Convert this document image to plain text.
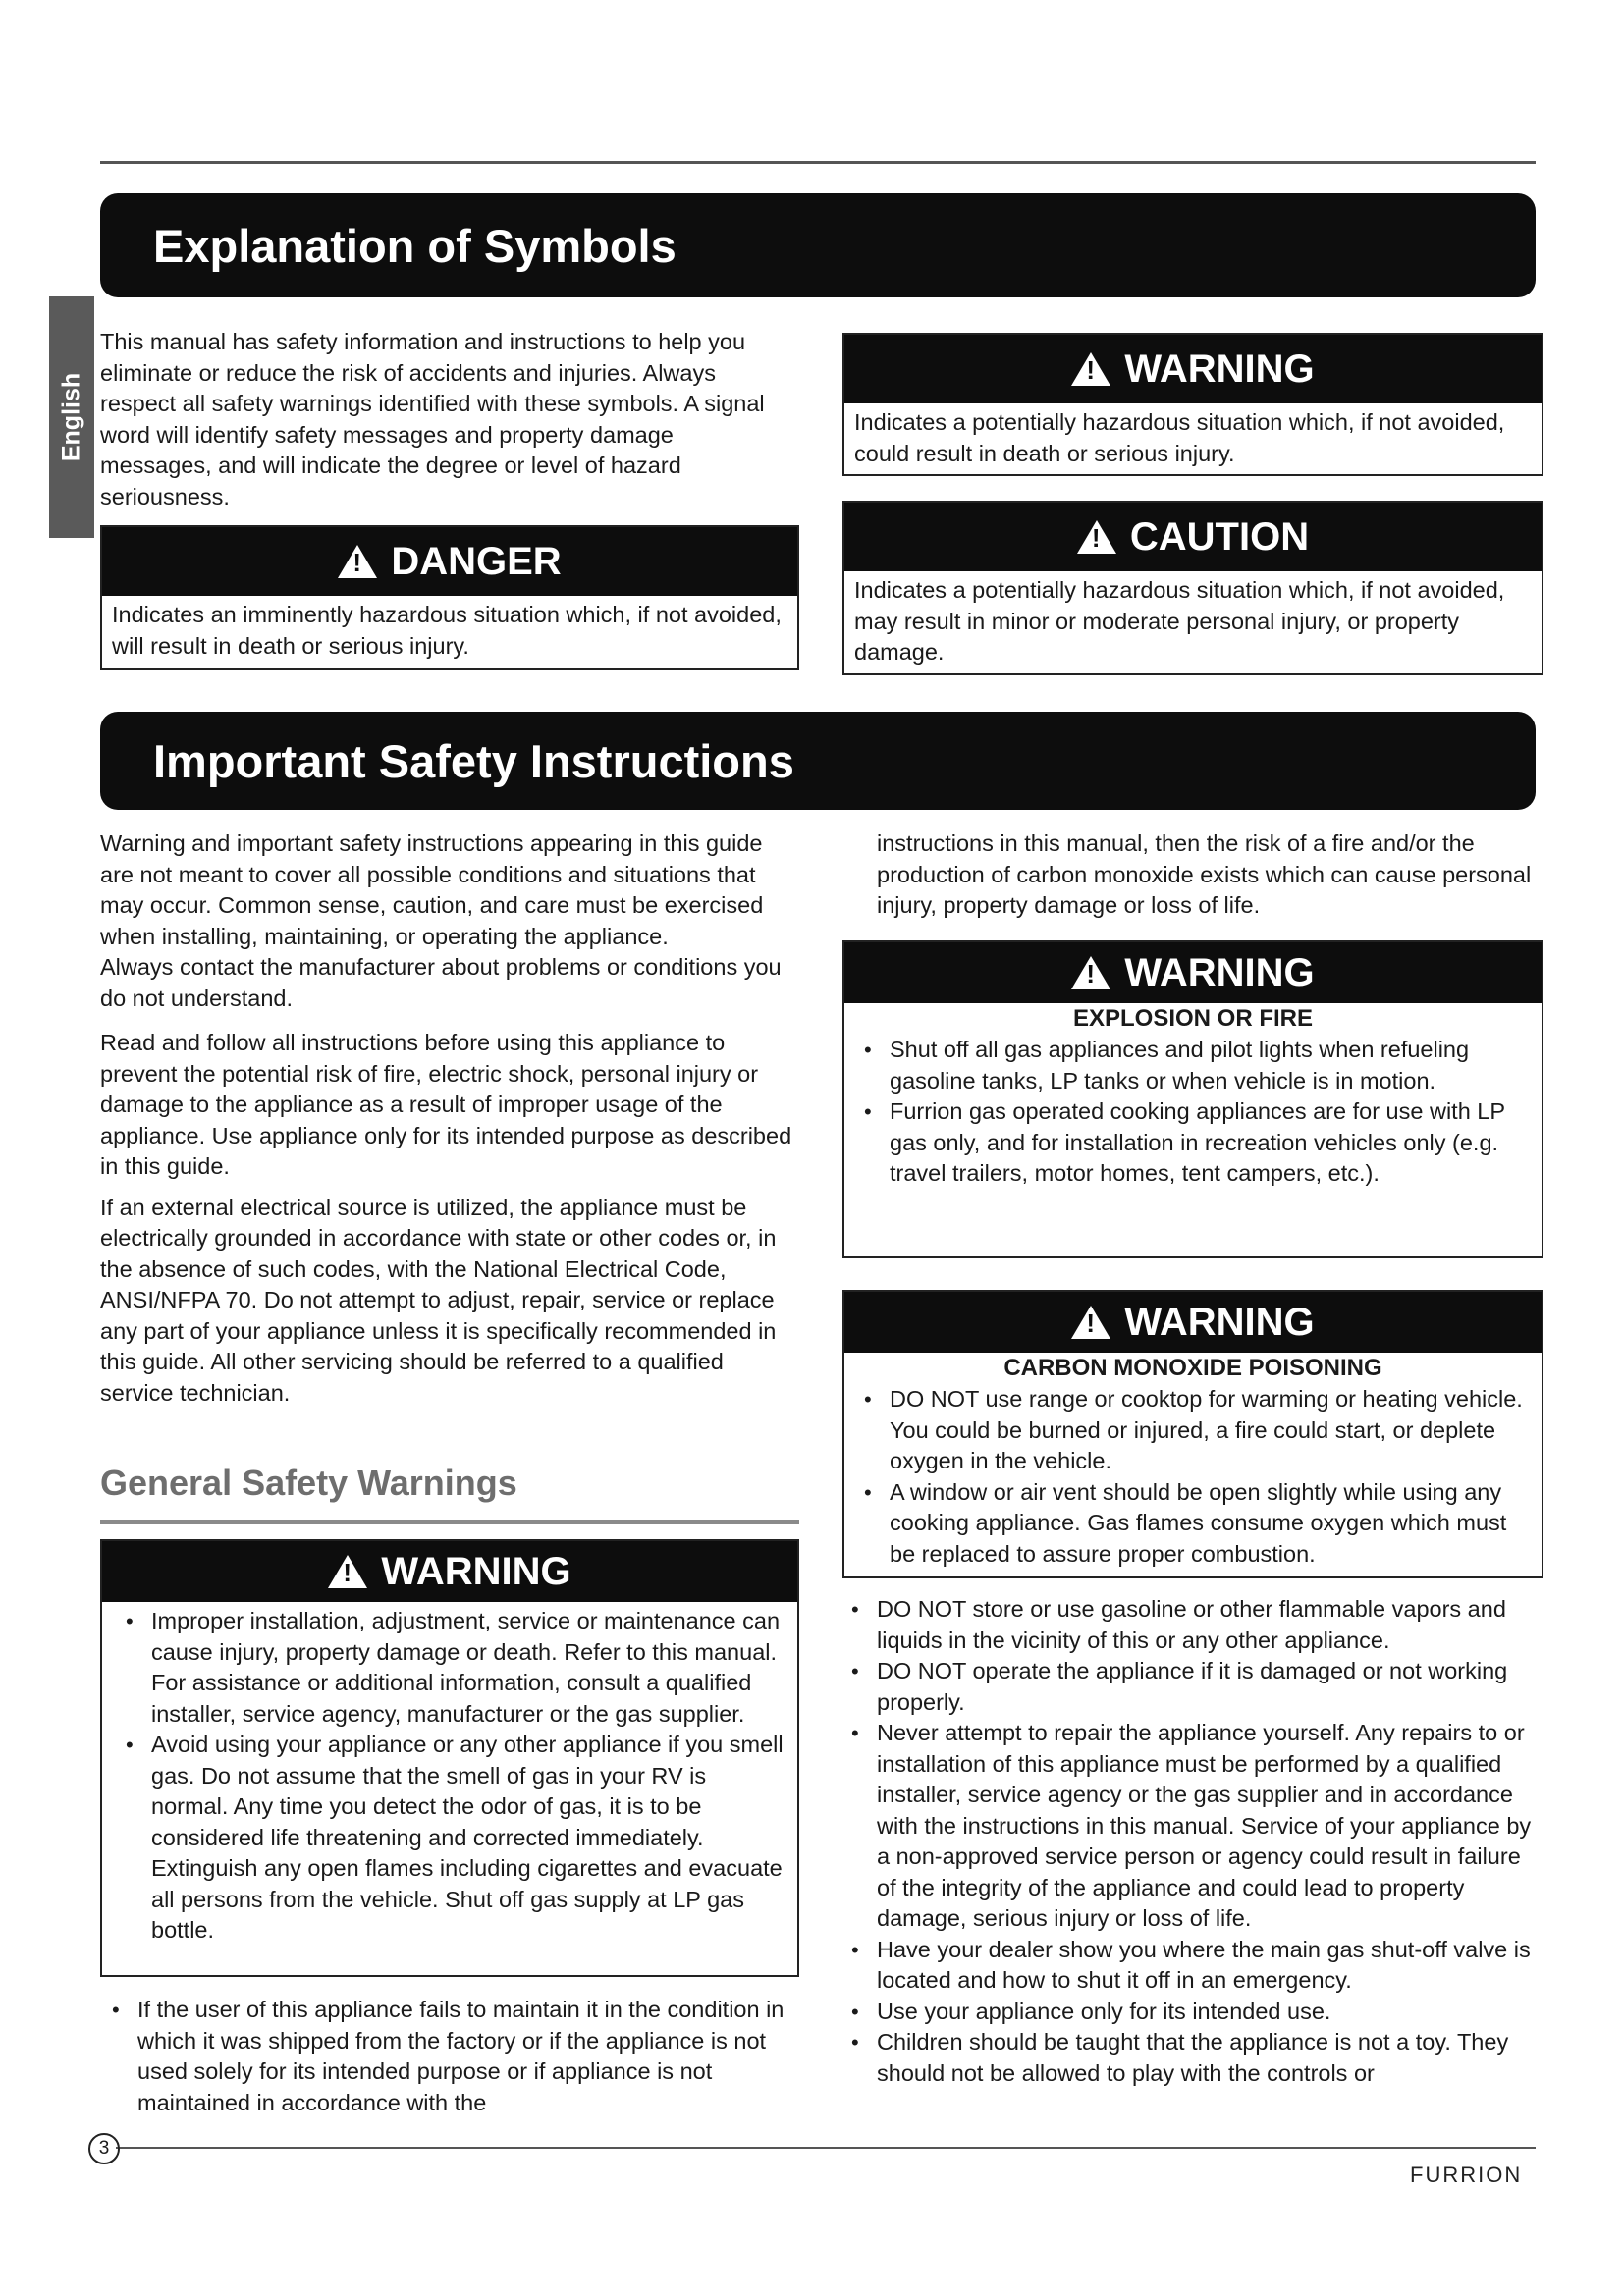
Explanation of Symbols
English

This manual has safety information and instructions to help you eliminate or reduce the risk of accidents and injuries. Always respect all safety warnings identified with these symbols. A signal word will identify safety messages and property damage messages, and will indicate the degree or level of hazard seriousness.

!
DANGER
Indicates an imminently hazardous situation which, if not avoided, will result in death or serious injury.
!
WARNING
Indicates a potentially hazardous situation which, if not avoided, could result in death or serious injury.
!
CAUTION
Indicates a potentially hazardous situation which, if not avoided, may result in minor or moderate personal injury, or property damage.
Important Safety Instructions

Warning and important safety instructions appearing in this guide are not meant to cover all possible conditions and situations that may occur. Common sense, caution, and care must be exercised when installing, maintaining, or operating the appliance.

Always contact the manufacturer about problems or conditions you do not understand.

Read and follow all instructions before using this appliance to prevent the potential risk of fire, electric shock, personal injury or damage to the appliance as a result of improper usage of the appliance. Use appliance only for its intended purpose as described in this guide.

If an external electrical source is utilized, the appliance must be electrically grounded in accordance with state or other codes or, in the absence of such codes, with the National Electrical Code, ANSI/NFPA 70. Do not attempt to adjust, repair, service or replace any part of your appliance unless it is specifically recommended in this guide. All other servicing should be referred to a qualified service technician.

General Safety Warnings
!
WARNING
• Improper installation, adjustment, service or maintenance can cause injury, property damage or death. Refer to this manual. For assistance or additional information, consult a qualified installer, service agency, manufacturer or the gas supplier.
• Avoid using your appliance or any other appliance if you smell gas. Do not assume that the smell of gas in your RV is normal. Any time you detect the odor of gas, it is to be considered life threatening and corrected immediately. Extinguish any open flames including cigarettes and evacuate all persons from the vehicle. Shut off gas supply at LP gas bottle.
• If the user of this appliance fails to maintain it in the condition in which it was shipped from the factory or if the appliance is not used solely for its intended purpose or if appliance is not maintained in accordance with the

instructions in this manual, then the risk of a fire and/or the production of carbon monoxide exists which can cause personal injury, property damage or loss of life.

!
WARNING
EXPLOSION OR FIRE
• Shut off all gas appliances and pilot lights when refueling gasoline tanks, LP tanks or when vehicle is in motion.
• Furrion gas operated cooking appliances are for use with LP gas only, and for installation in recreation vehicles only (e.g. travel trailers, motor homes, tent campers, etc.).
!
WARNING
CARBON MONOXIDE POISONING
• DO NOT use range or cooktop for warming or heating vehicle. You could be burned or injured, a fire could start, or deplete oxygen in the vehicle.
• A window or air vent should be open slightly while using any cooking appliance. Gas flames consume oxygen which must be replaced to assure proper combustion.
• DO NOT store or use gasoline or other flammable vapors and liquids in the vicinity of this or any other appliance.
• DO NOT operate the appliance if it is damaged or not working properly.
• Never attempt to repair the appliance yourself. Any repairs to or installation of this appliance must be performed by a qualified installer, service agency or the gas supplier and in accordance with the instructions in this manual. Service of your appliance by a non-approved service person or agency could result in failure of the integrity of the appliance and could lead to property damage, serious injury or loss of life.
• Have your dealer show you where the main gas shut-off valve is located and how to shut it off in an emergency.
• Use your appliance only for its intended use.
• Children should be taught that the appliance is not a toy. They should not be allowed to play with the controls or
3
FURRION
